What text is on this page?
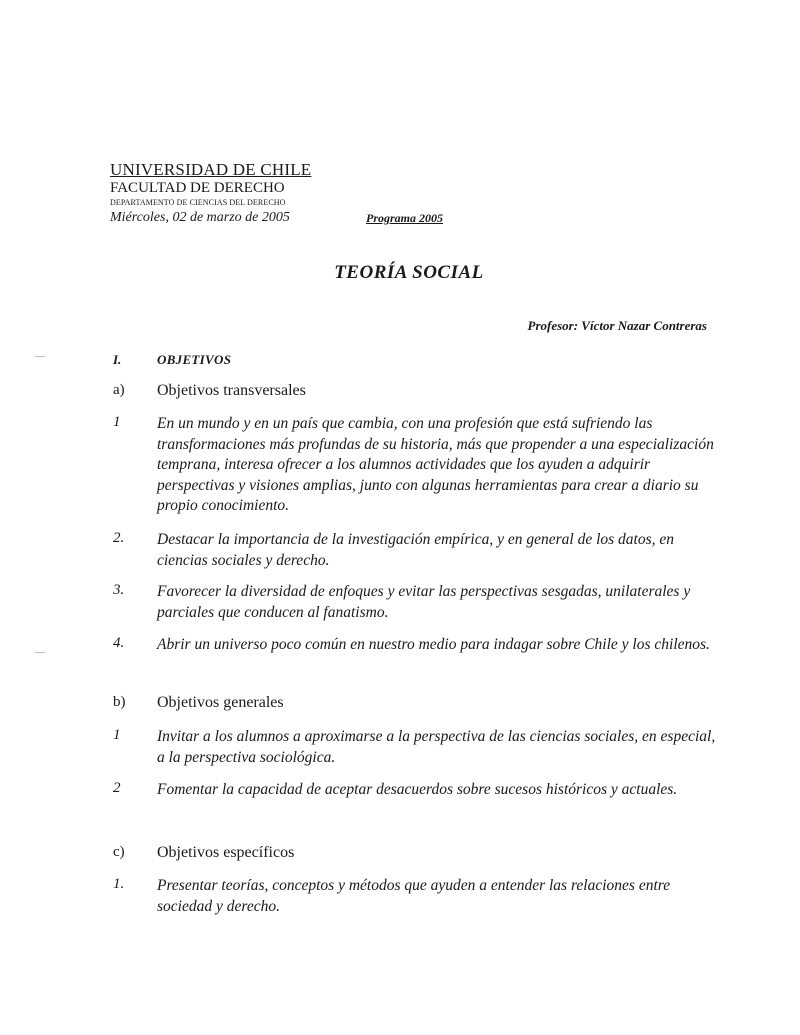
UNIVERSIDAD DE CHILE
FACULTAD DE DERECHO
DEPARTAMENTO DE CIENCIAS DEL DERECHO
Miércoles, 02 de marzo de 2005	Programa 2005
TEORÍA SOCIAL
Profesor: Víctor Nazar Contreras
I.	OBJETIVOS
a) Objetivos transversales
1 En un mundo y en un país que cambia, con una profesión que está sufriendo las transformaciones más profundas de su historia, más que propender a una especialización temprana, interesa ofrecer a los alumnos actividades que los ayuden a adquirir perspectivas y visiones amplias, junto con algunas herramientas para crear a diario su propio conocimiento.
2. Destacar la importancia de la investigación empírica, y en general de los datos, en ciencias sociales y derecho.
3. Favorecer la diversidad de enfoques y evitar las perspectivas sesgadas, unilaterales y parciales que conducen al fanatismo.
4. Abrir un universo poco común en nuestro medio para indagar sobre Chile y los chilenos.
b) Objetivos generales
1 Invitar a los alumnos a aproximarse a la perspectiva de las ciencias sociales, en especial, a la perspectiva sociológica.
2 Fomentar la capacidad de aceptar desacuerdos sobre sucesos históricos y actuales.
c) Objetivos específicos
1. Presentar teorías, conceptos y métodos que ayuden a entender las relaciones entre sociedad y derecho.
